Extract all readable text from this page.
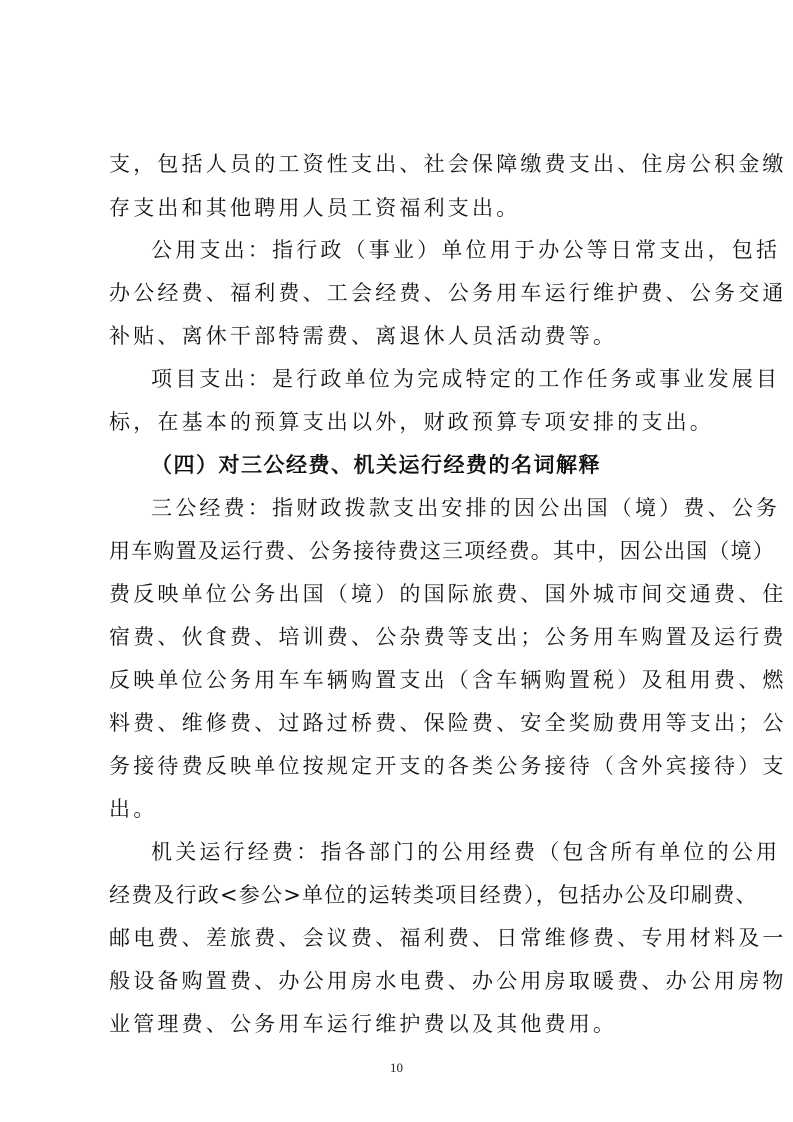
支，包括人员的工资性支出、社会保障缴费支出、住房公积金缴
存支出和其他聘用人员工资福利支出。
公用支出：指行政（事业）单位用于办公等日常支出，包括
办公经费、福利费、工会经费、公务用车运行维护费、公务交通
补贴、离休干部特需费、离退休人员活动费等。
项目支出：是行政单位为完成特定的工作任务或事业发展目
标，在基本的预算支出以外，财政预算专项安排的支出。
（四）对三公经费、机关运行经费的名词解释
三公经费：指财政拨款支出安排的因公出国（境）费、公务
用车购置及运行费、公务接待费这三项经费。其中，因公出国（境）
费反映单位公务出国（境）的国际旅费、国外城市间交通费、住
宿费、伙食费、培训费、公杂费等支出；公务用车购置及运行费
反映单位公务用车车辆购置支出（含车辆购置税）及租用费、燃
料费、维修费、过路过桥费、保险费、安全奖励费用等支出；公
务接待费反映单位按规定开支的各类公务接待（含外宾接待）支
出。
机关运行经费：指各部门的公用经费（包含所有单位的公用
经费及行政<参公>单位的运转类项目经费），包括办公及印刷费、
邮电费、差旅费、会议费、福利费、日常维修费、专用材料及一
般设备购置费、办公用房水电费、办公用房取暖费、办公用房物
业管理费、公务用车运行维护费以及其他费用。
10
